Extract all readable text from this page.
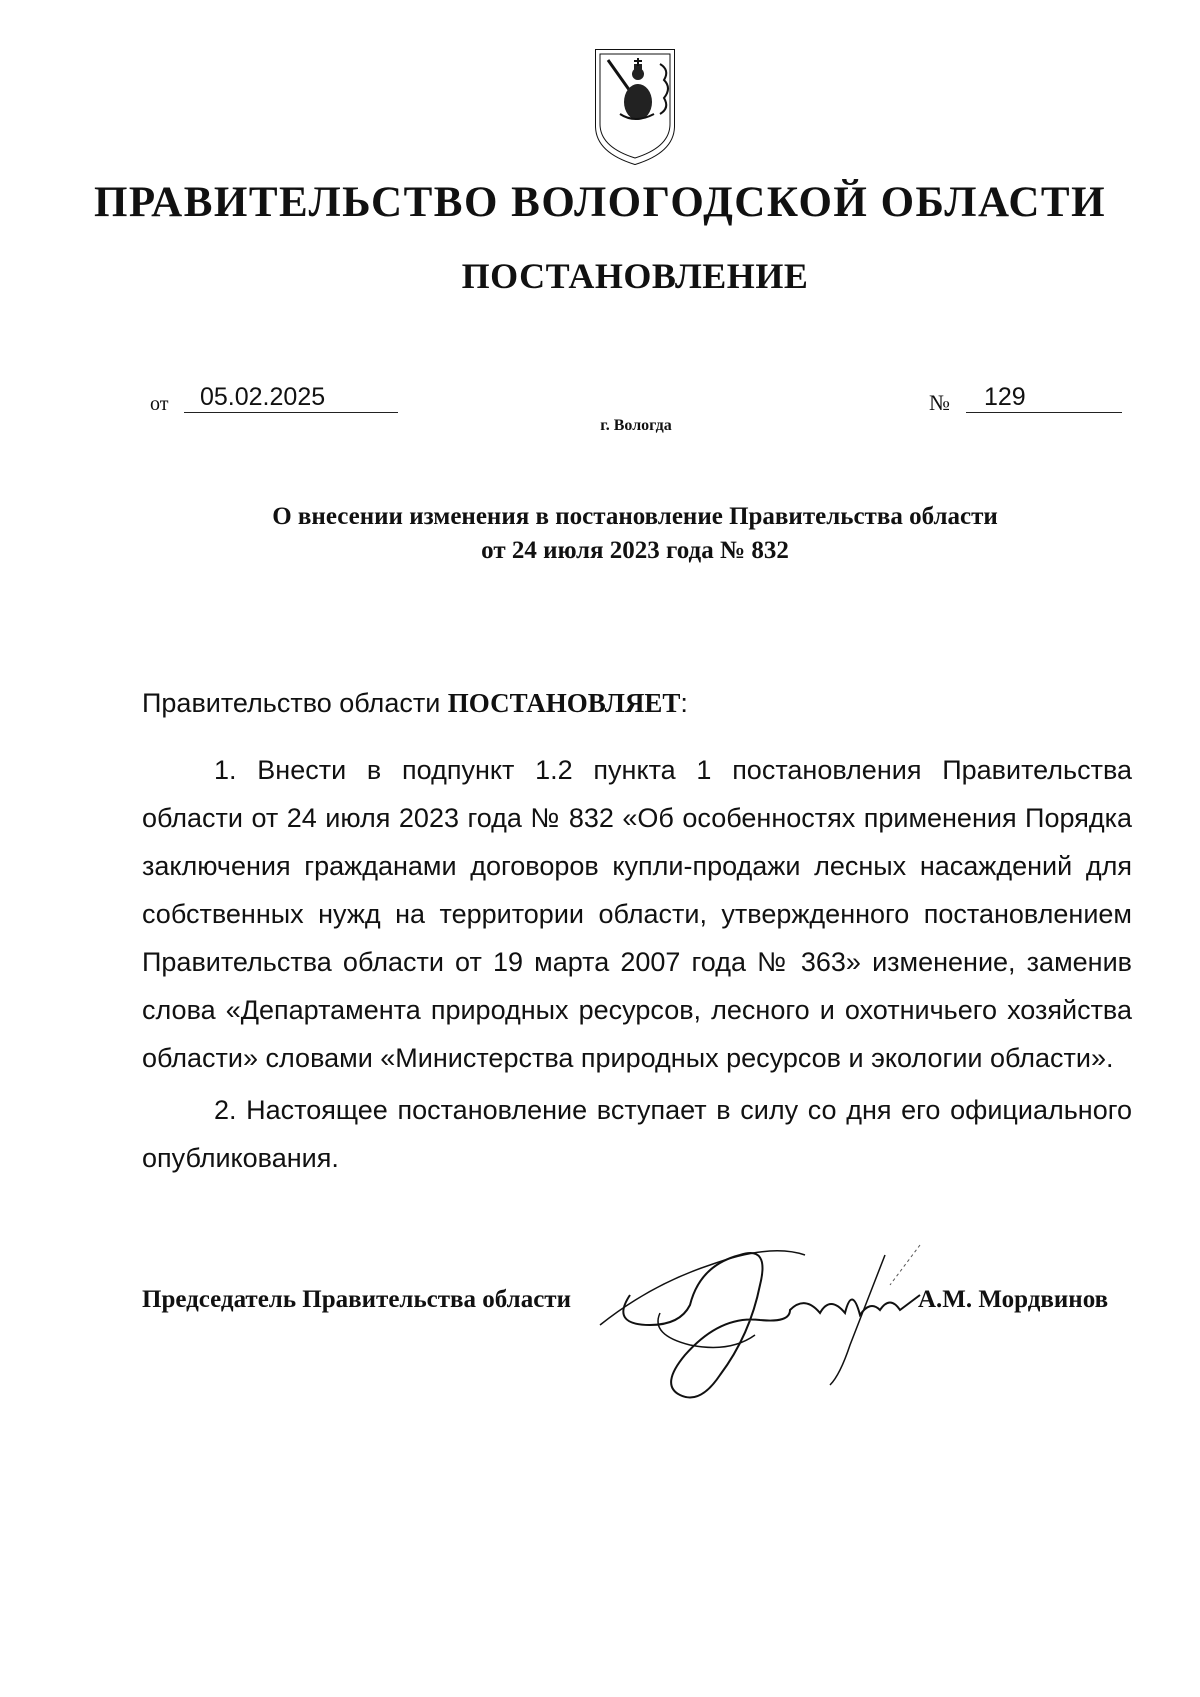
ПРАВИТЕЛЬСТВО ВОЛОГОДСКОЙ ОБЛАСТИ
ПОСТАНОВЛЕНИЕ
от 05.02.2025	№ 129
г. Вологда
О внесении изменения в постановление Правительства области
от 24 июля 2023 года № 832
Правительство области ПОСТАНОВЛЯЕТ:

1. Внести в подпункт 1.2 пункта 1 постановления Правительства области от 24 июля 2023 года № 832 «Об особенностях применения Порядка заключения гражданами договоров купли-продажи лесных насаждений для собственных нужд на территории области, утвержденного постановлением Правительства области от 19 марта 2007 года № 363» изменение, заменив слова «Департамента природных ресурсов, лесного и охотничьего хозяйства области» словами «Министерства природных ресурсов и экологии области».

2. Настоящее постановление вступает в силу со дня его официального опубликования.

Председатель Правительства области	А.М. Мордвинов
